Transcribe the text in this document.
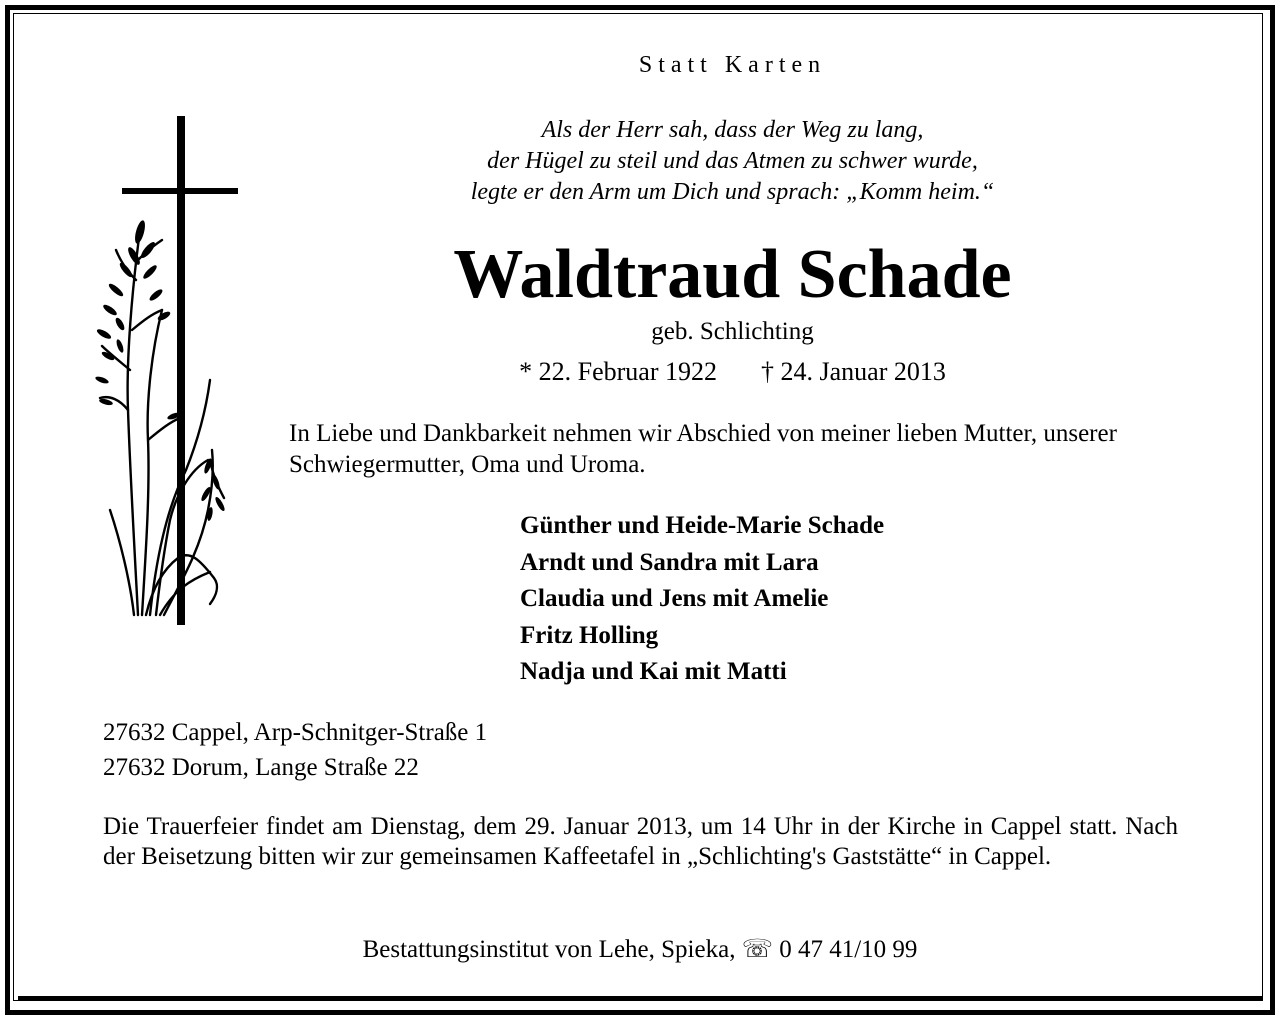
Statt Karten
Als der Herr sah, dass der Weg zu lang,
der Hügel zu steil und das Atmen zu schwer wurde,
legte er den Arm um Dich und sprach: „Komm heim.“
Waldtraud Schade
geb. Schlichting
* 22. Februar 1922 † 24. Januar 2013
In Liebe und Dankbarkeit nehmen wir Abschied von meiner lieben Mutter, unserer Schwiegermutter, Oma und Uroma.
Günther und Heide-Marie Schade
Arndt und Sandra mit Lara
Claudia und Jens mit Amelie
Fritz Holling
Nadja und Kai mit Matti
27632 Cappel, Arp-Schnitger-Straße 1
27632 Dorum, Lange Straße 22
Die Trauerfeier findet am Dienstag, dem 29. Januar 2013, um 14 Uhr in der Kirche in Cappel statt. Nach der Beisetzung bitten wir zur gemeinsamen Kaffeetafel in „Schlichting's Gaststätte“ in Cappel.
Bestattungsinstitut von Lehe, Spieka, ☏ 0 47 41/10 99
